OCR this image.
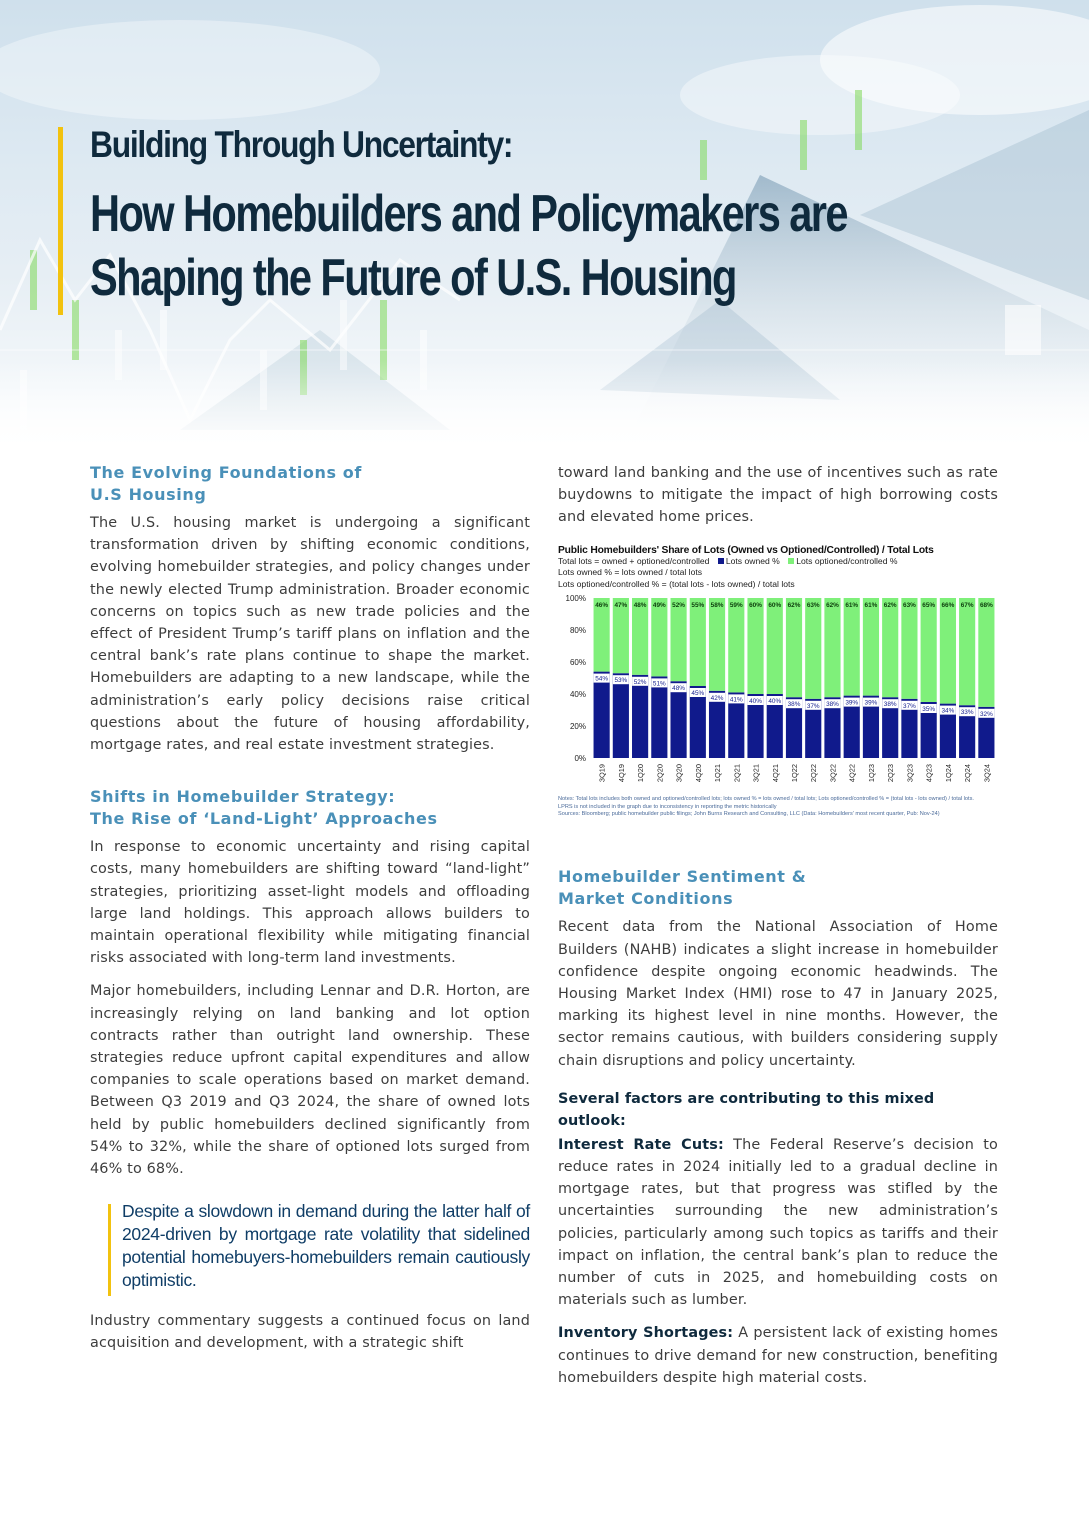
Building Through Uncertainty:
How Homebuilders and Policymakers are
Shaping the Future of U.S. Housing
The Evolving Foundations of
U.S Housing

The U.S. housing market is undergoing a significant transformation driven by shifting economic conditions, evolving homebuilder strategies, and policy changes under the newly elected Trump administration. Broader economic concerns on topics such as new trade policies and the effect of President Trump’s tariff plans on inflation and the central bank’s rate plans continue to shape the market. Homebuilders are adapting to a new landscape, while the administration’s early policy decisions raise critical questions about the future of housing affordability, mortgage rates, and real estate investment strategies.

Shifts in Homebuilder Strategy:
The Rise of ‘Land-Light’ Approaches

In response to economic uncertainty and rising capital costs, many homebuilders are shifting toward “land-light” strategies, prioritizing asset-light models and offloading large land holdings. This approach allows builders to maintain operational flexibility while mitigating financial risks associated with long-term land investments.

Major homebuilders, including Lennar and D.R. Horton, are increasingly relying on land banking and lot option contracts rather than outright land ownership. These strategies reduce upfront capital expenditures and allow companies to scale operations based on market demand. Between Q3 2019 and Q3 2024, the share of owned lots held by public homebuilders declined significantly from 54% to 32%, while the share of optioned lots surged from 46% to 68%.

Despite a slowdown in demand during the latter half of 2024-driven by mortgage rate volatility that sidelined potential homebuyers-homebuilders remain cautiously optimistic.

Industry commentary suggests a continued focus on land acquisition and development, with a strategic shift

toward land banking and the use of incentives such as rate buydowns to mitigate the impact of high borrowing costs and elevated home prices.

Public Homebuilders' Share of Lots (Owned vs Optioned/Controlled) / Total Lots
Total lots = owned + optioned/controlled Lots owned % Lots optioned/controlled %
Lots owned % = lots owned / total lots
Lots optioned/controlled % = (total lots - lots owned) / total lots
0%
20%
40%
60%
80%
100%
54%
46%
3Q19
53%
47%
4Q19
52%
48%
1Q20
51%
49%
2Q20
48%
52%
3Q20
45%
55%
4Q20
42%
58%
1Q21
41%
59%
2Q21
40%
60%
3Q21
40%
60%
4Q21
38%
62%
1Q22
37%
63%
2Q22
38%
62%
3Q22
39%
61%
4Q22
39%
61%
1Q23
38%
62%
2Q23
37%
63%
3Q23
35%
65%
4Q23
34%
66%
1Q24
33%
67%
2Q24
32%
68%
3Q24
Notes: Total lots includes both owned and optioned/controlled lots; lots owned % = lots owned / total lots; Lots optioned/controlled % = (total lots - lots owned) / total lots.
LPRS is not included in the graph due to inconsistency in reporting the metric historically
Sources: Bloomberg; public homebuilder public filings; John Burns Research and Consulting, LLC (Data: Homebuilders' most recent quarter, Pub: Nov-24)
Homebuilder Sentiment &
Market Conditions

Recent data from the National Association of Home Builders (NAHB) indicates a slight increase in homebuilder confidence despite ongoing economic headwinds. The Housing Market Index (HMI) rose to 47 in January 2025, marking its highest level in nine months. However, the sector remains cautious, with builders considering supply chain disruptions and policy uncertainty.

Several factors are contributing to this mixed outlook:

Interest Rate Cuts: The Federal Reserve’s decision to reduce rates in 2024 initially led to a gradual decline in mortgage rates, but that progress was stifled by the uncertainties surrounding the new administration’s policies, particularly among such topics as tariffs and their impact on inflation, the central bank’s plan to reduce the number of cuts in 2025, and homebuilding costs on materials such as lumber.

Inventory Shortages: A persistent lack of existing homes continues to drive demand for new construction, benefiting homebuilders despite high material costs.
